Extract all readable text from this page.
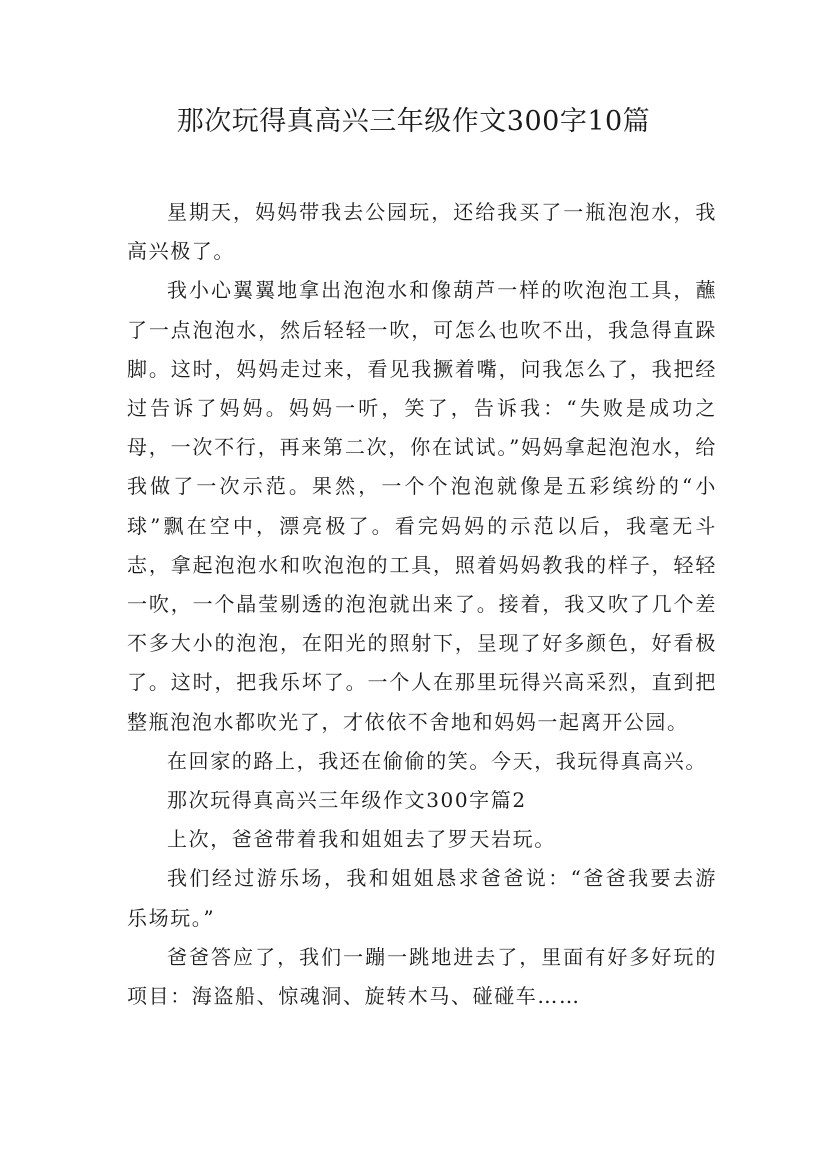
那次玩得真高兴三年级作文300字10篇

星期天，妈妈带我去公园玩，还给我买了一瓶泡泡水，我高兴极了。

我小心翼翼地拿出泡泡水和像葫芦一样的吹泡泡工具，蘸了一点泡泡水，然后轻轻一吹，可怎么也吹不出，我急得直跺脚。这时，妈妈走过来，看见我撅着嘴，问我怎么了，我把经过告诉了妈妈。妈妈一听，笑了，告诉我：“失败是成功之母，一次不行，再来第二次，你在试试。”妈妈拿起泡泡水，给我做了一次示范。果然，一个个泡泡就像是五彩缤纷的“小球”飘在空中，漂亮极了。看完妈妈的示范以后，我毫无斗志，拿起泡泡水和吹泡泡的工具，照着妈妈教我的样子，轻轻一吹，一个晶莹剔透的泡泡就出来了。接着，我又吹了几个差不多大小的泡泡，在阳光的照射下，呈现了好多颜色，好看极了。这时，把我乐坏了。一个人在那里玩得兴高采烈，直到把整瓶泡泡水都吹光了，才依依不舍地和妈妈一起离开公园。

在回家的路上，我还在偷偷的笑。今天，我玩得真高兴。

那次玩得真高兴三年级作文300字篇2

上次，爸爸带着我和姐姐去了罗天岩玩。

我们经过游乐场，我和姐姐恳求爸爸说：“爸爸我要去游乐场玩。”

爸爸答应了，我们一蹦一跳地进去了，里面有好多好玩的项目：海盗船、惊魂洞、旋转木马、碰碰车……
